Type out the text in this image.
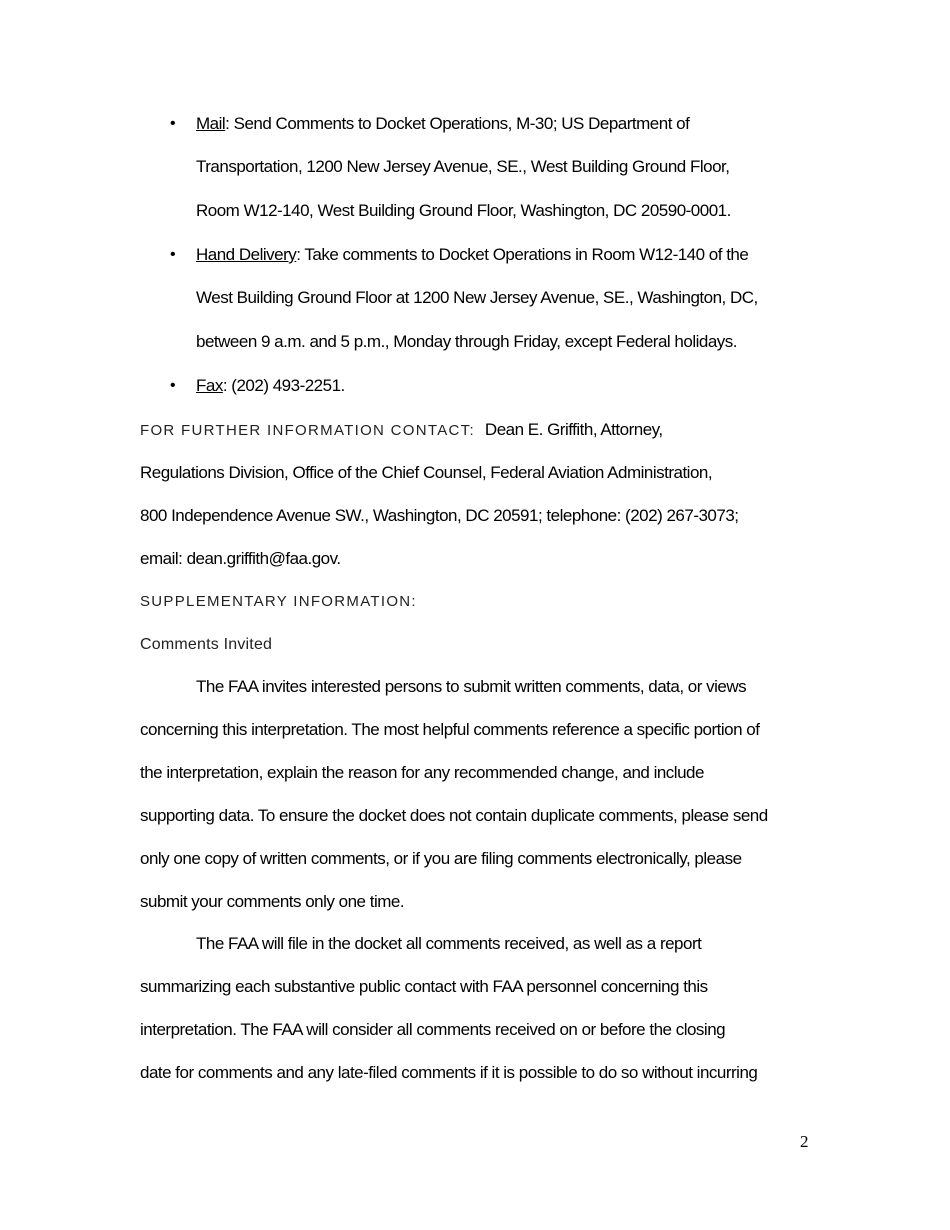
• Mail: Send Comments to Docket Operations, M-30; US Department of
Transportation, 1200 New Jersey Avenue, SE., West Building Ground Floor,
Room W12-140, West Building Ground Floor, Washington, DC 20590-0001.
• Hand Delivery: Take comments to Docket Operations in Room W12-140 of the
West Building Ground Floor at 1200 New Jersey Avenue, SE., Washington, DC,
between 9 a.m. and 5 p.m., Monday through Friday, except Federal holidays.
• Fax: (202) 493-2251.
FOR FURTHER INFORMATION CONTACT: Dean E. Griffith, Attorney,
Regulations Division, Office of the Chief Counsel, Federal Aviation Administration,
800 Independence Avenue SW., Washington, DC 20591; telephone: (202) 267-3073;
email: dean.griffith@faa.gov.
SUPPLEMENTARY INFORMATION:
Comments Invited
The FAA invites interested persons to submit written comments, data, or views
concerning this interpretation. The most helpful comments reference a specific portion of
the interpretation, explain the reason for any recommended change, and include
supporting data. To ensure the docket does not contain duplicate comments, please send
only one copy of written comments, or if you are filing comments electronically, please
submit your comments only one time.
The FAA will file in the docket all comments received, as well as a report
summarizing each substantive public contact with FAA personnel concerning this
interpretation. The FAA will consider all comments received on or before the closing
date for comments and any late-filed comments if it is possible to do so without incurring
2
